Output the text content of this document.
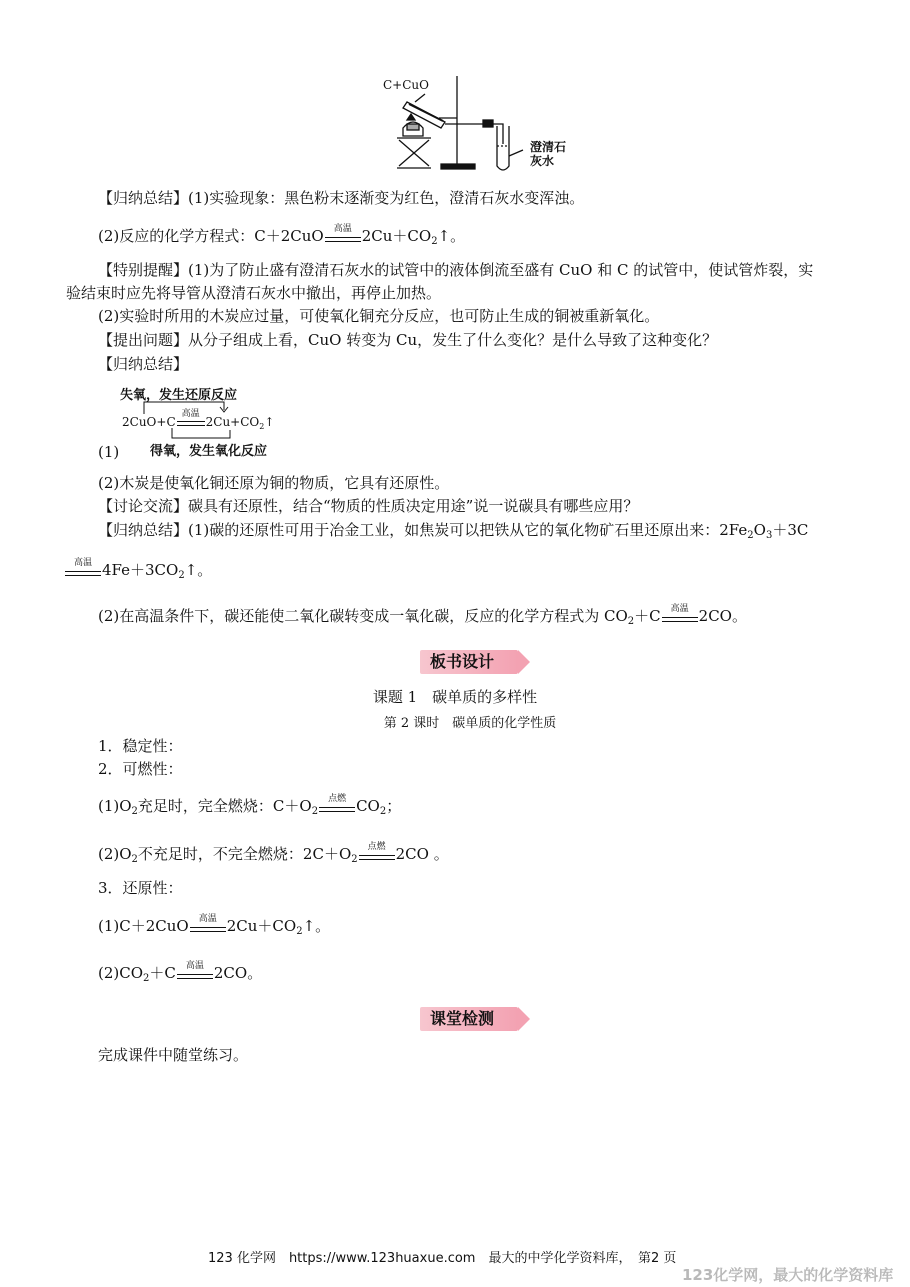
C+CuO
澄清石
灰水
【归纳总结】(1)实验现象：黑色粉末逐渐变为红色，澄清石灰水变浑浊。
(2)反应的化学方程式：C＋2CuO	高温 $2Cu+CO_2↑$。
【特别提醒】(1)为了防止盛有澄清石灰水的试管中的液体倒流至盛有 CuO 和 C 的试管中，使试管炸裂，实
验结束时应先将导管从澄清石灰水中撤出，再停止加热。
(2)实验时所用的木炭应过量，可使氧化铜充分反应，也可防止生成的铜被重新氧化。
【提出问题】从分子组成上看，CuO 转变为 Cu，发生了什么变化？是什么导致了这种变化？
【归纳总结】
失氧，发生还原反应
2CuO+C
高温
$2Cu+CO_2↑$
(1) 得氧，发生氧化反应
(2)木炭是使氧化铜还原为铜的物质，它具有还原性。
【讨论交流】碳具有还原性，结合“物质的性质决定用途”说一说碳具有哪些应用？
【归纳总结】(1)碳的还原性可用于冶金工业，如焦炭可以把铁从它的氧化物矿石里还原出来：$2Fe_2O_3+3C$
高温 $4Fe+3CO_2↑$。
(2)在高温条件下，碳还能使二氧化碳转变成一氧化碳，反应的化学方程式为 $CO_2+C$	高温 2CO。
板书设计
课题 1　碳单质的多样性
第 2 课时　碳单质的化学性质
1．稳定性：
2．可燃性：
$(1)O_2$充足时，完全燃烧：$C+O_2$
点燃 $CO_2$；
$(2)O_2$不充足时，不完全燃烧：$2C+O_2$
点燃 2CO 。
3．还原性：
(1)C＋2CuO	高温 $2Cu+CO_2↑$。
$(2)CO_2+C$	高温 2CO。
课堂检测
完成课件中随堂练习。
123 化学网　https://www.123huaxue.com　最大的中学化学资料库，　第2 页
123化学网，最大的化学资料库
